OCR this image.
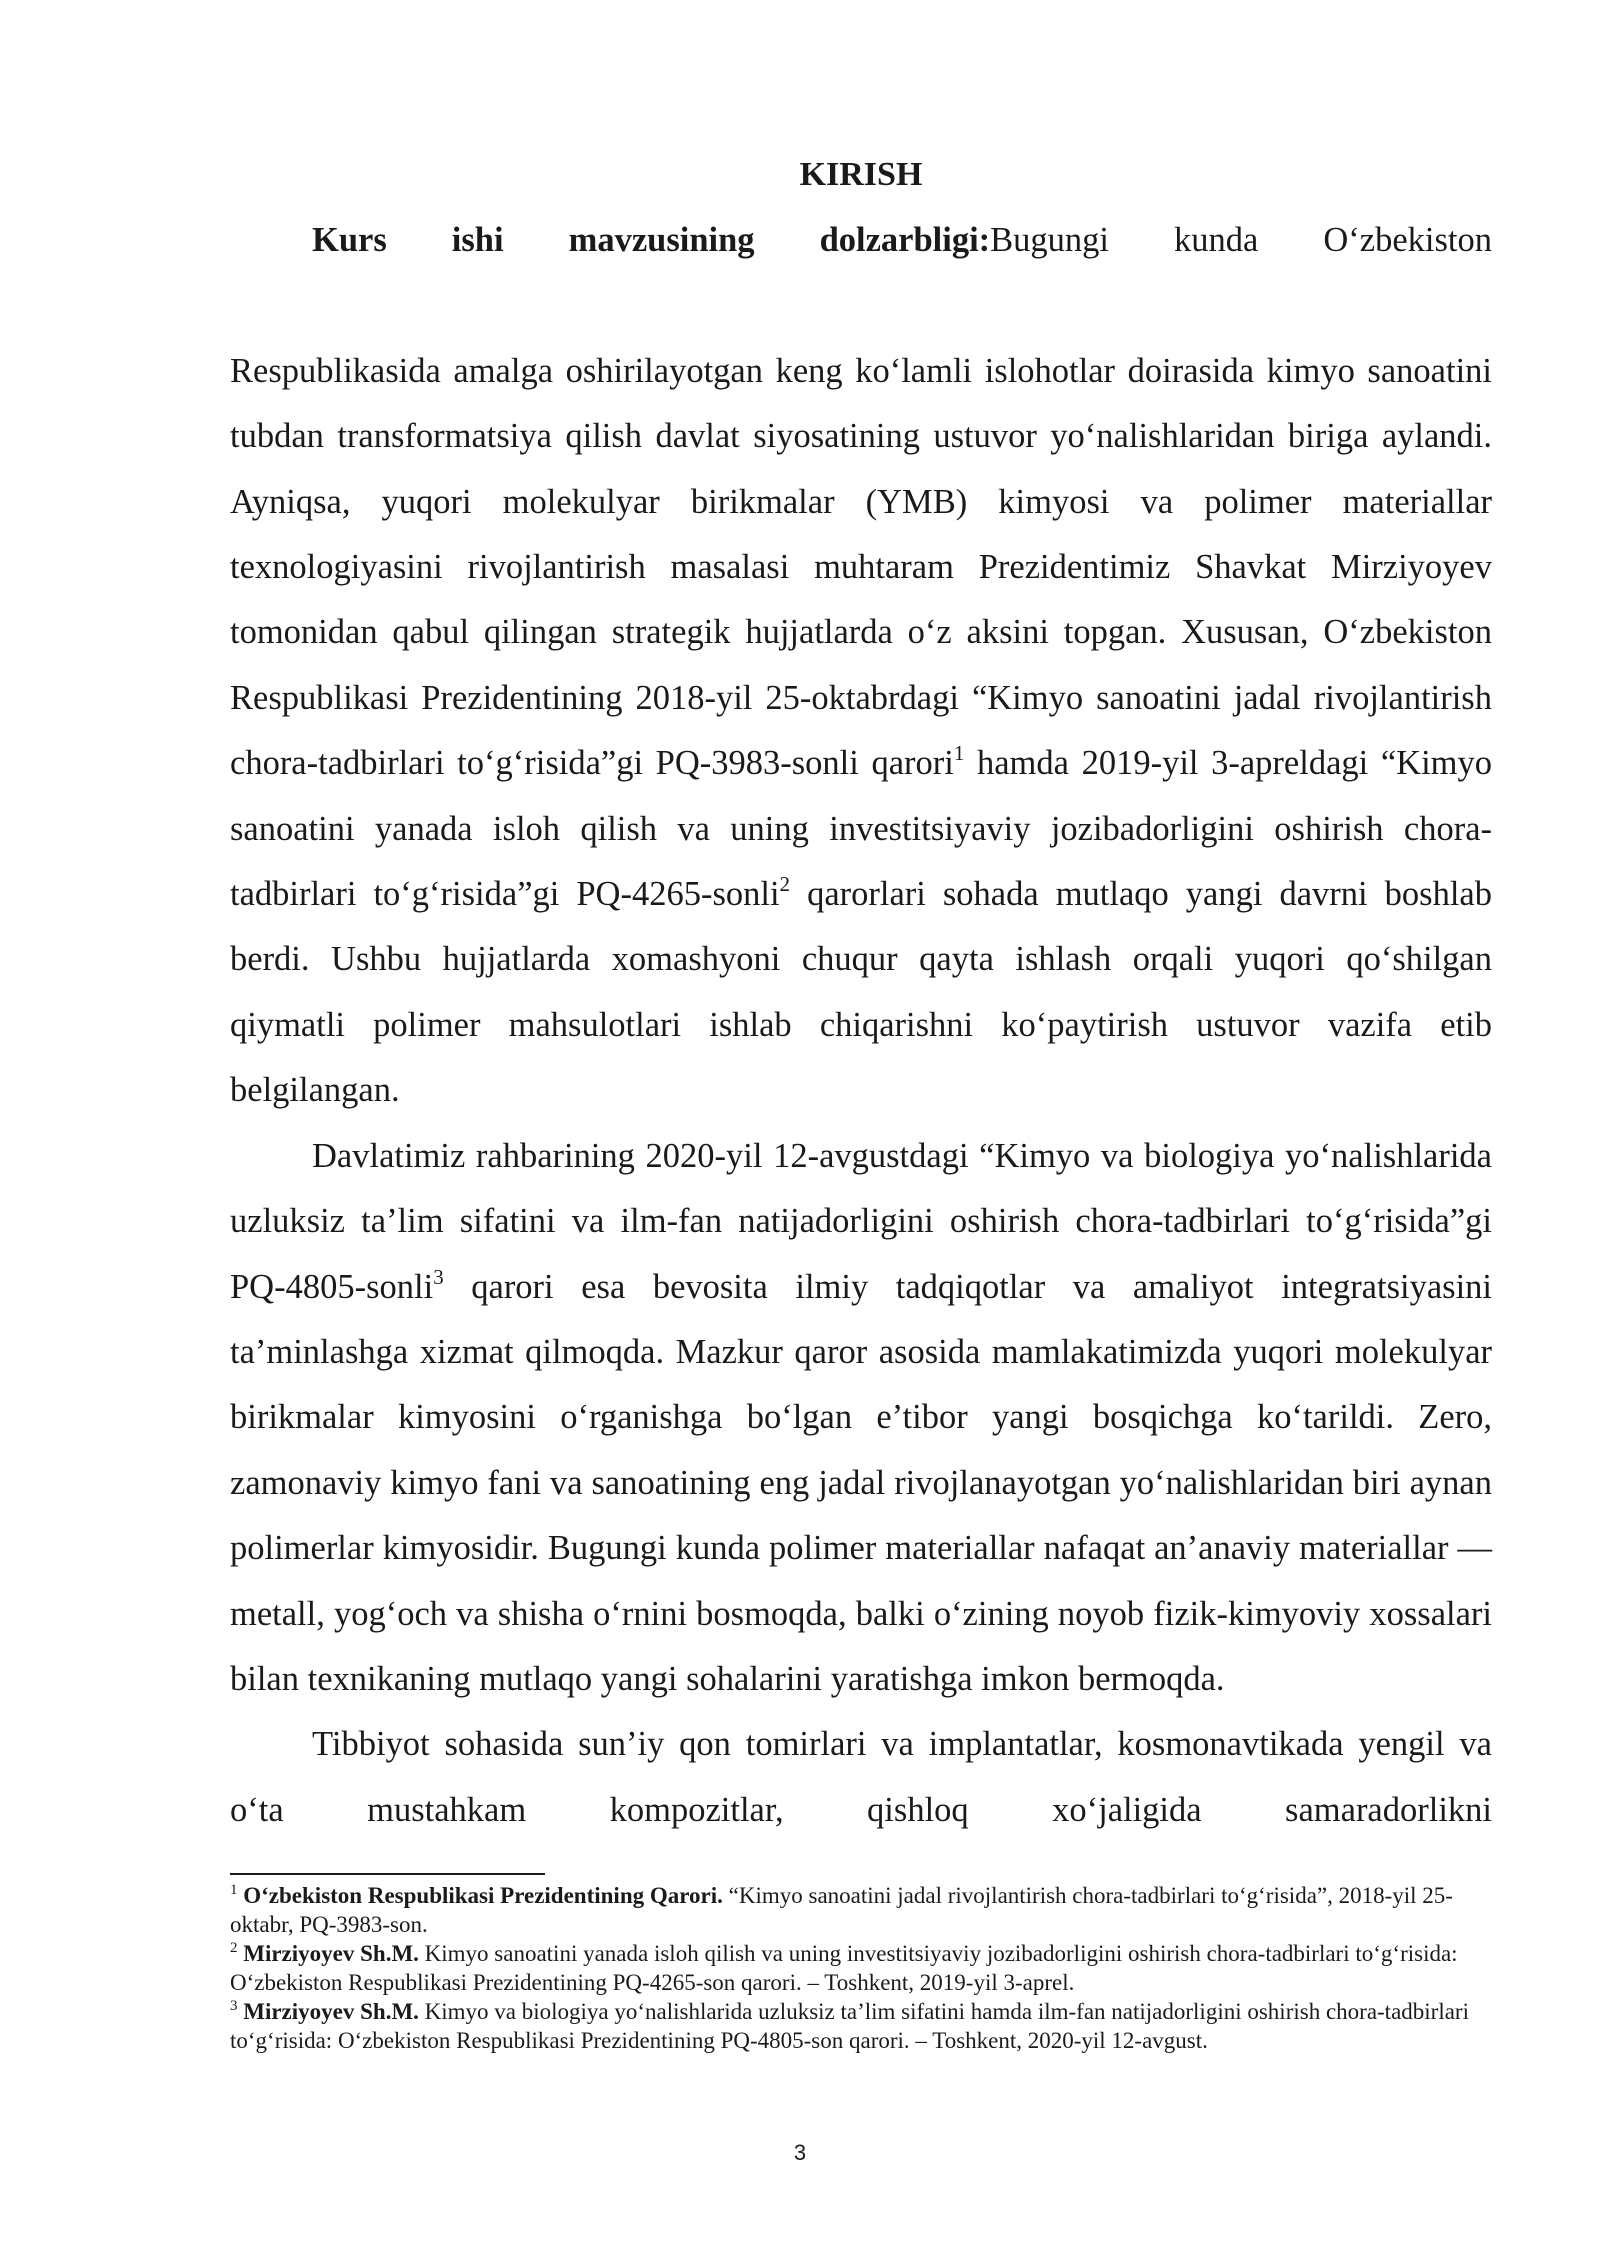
KIRISH

Kurs ishi mavzusining dolzarbligi:Bugungi kunda O‘zbekiston

Respublikasida amalga oshirilayotgan keng ko‘lamli islohotlar doirasida kimyo sanoatini tubdan transformatsiya qilish davlat siyosatining ustuvor yo‘nalishlaridan biriga aylandi. Ayniqsa, yuqori molekulyar birikmalar (YMB) kimyosi va polimer materiallar texnologiyasini rivojlantirish masalasi muhtaram Prezidentimiz Shavkat Mirziyoyev tomonidan qabul qilingan strategik hujjatlarda o‘z aksini topgan. Xususan, O‘zbekiston Respublikasi Prezidentining 2018-yil 25-oktabrdagi “Kimyo sanoatini jadal rivojlantirish chora-tadbirlari to‘g‘risida”gi PQ-3983-sonli qarori$^1$ hamda 2019-yil 3-apreldagi “Kimyo sanoatini yanada isloh qilish va uning investitsiyaviy jozibadorligini oshirish chora-tadbirlari to‘g‘risida”gi PQ-4265-sonli$^2$ qarorlari sohada mutlaqo yangi davrni boshlab berdi. Ushbu hujjatlarda xomashyoni chuqur qayta ishlash orqali yuqori qo‘shilgan qiymatli polimer mahsulotlari ishlab chiqarishni ko‘paytirish ustuvor vazifa etib belgilangan.

Davlatimiz rahbarining 2020-yil 12-avgustdagi “Kimyo va biologiya yo‘nalishlarida uzluksiz ta’lim sifatini va ilm-fan natijadorligini oshirish chora-tadbirlari to‘g‘risida”gi PQ-4805-sonli$^3$ qarori esa bevosita ilmiy tadqiqotlar va amaliyot integratsiyasini ta’minlashga xizmat qilmoqda. Mazkur qaror asosida mamlakatimizda yuqori molekulyar birikmalar kimyosini o‘rganishga bo‘lgan e’tibor yangi bosqichga ko‘tarildi. Zero, zamonaviy kimyo fani va sanoatining eng jadal rivojlanayotgan yo‘nalishlaridan biri aynan polimerlar kimyosidir. Bugungi kunda polimer materiallar nafaqat an’anaviy materiallar — metall, yog‘och va shisha o‘rnini bosmoqda, balki o‘zining noyob fizik-kimyoviy xossalari bilan texnikaning mutlaqo yangi sohalarini yaratishga imkon bermoqda.

Tibbiyot sohasida sun’iy qon tomirlari va implantatlar, kosmonavtikada yengil va o‘ta mustahkam kompozitlar, qishloq xo‘jaligida samaradorlikni

$^1$ O‘zbekiston Respublikasi Prezidentining Qarori. “Kimyo sanoatini jadal rivojlantirish chora-tadbirlari to‘g‘risida”, 2018-yil 25-oktabr, PQ-3983-son.

$^2$ Mirziyoyev Sh.M. Kimyo sanoatini yanada isloh qilish va uning investitsiyaviy jozibadorligini oshirish chora-tadbirlari to‘g‘risida: O‘zbekiston Respublikasi Prezidentining PQ-4265-son qarori. – Toshkent, 2019-yil 3-aprel.

$^3$ Mirziyoyev Sh.M. Kimyo va biologiya yo‘nalishlarida uzluksiz ta’lim sifatini hamda ilm-fan natijadorligini oshirish chora-tadbirlari to‘g‘risida: O‘zbekiston Respublikasi Prezidentining PQ-4805-son qarori. – Toshkent, 2020-yil 12-avgust.

3
